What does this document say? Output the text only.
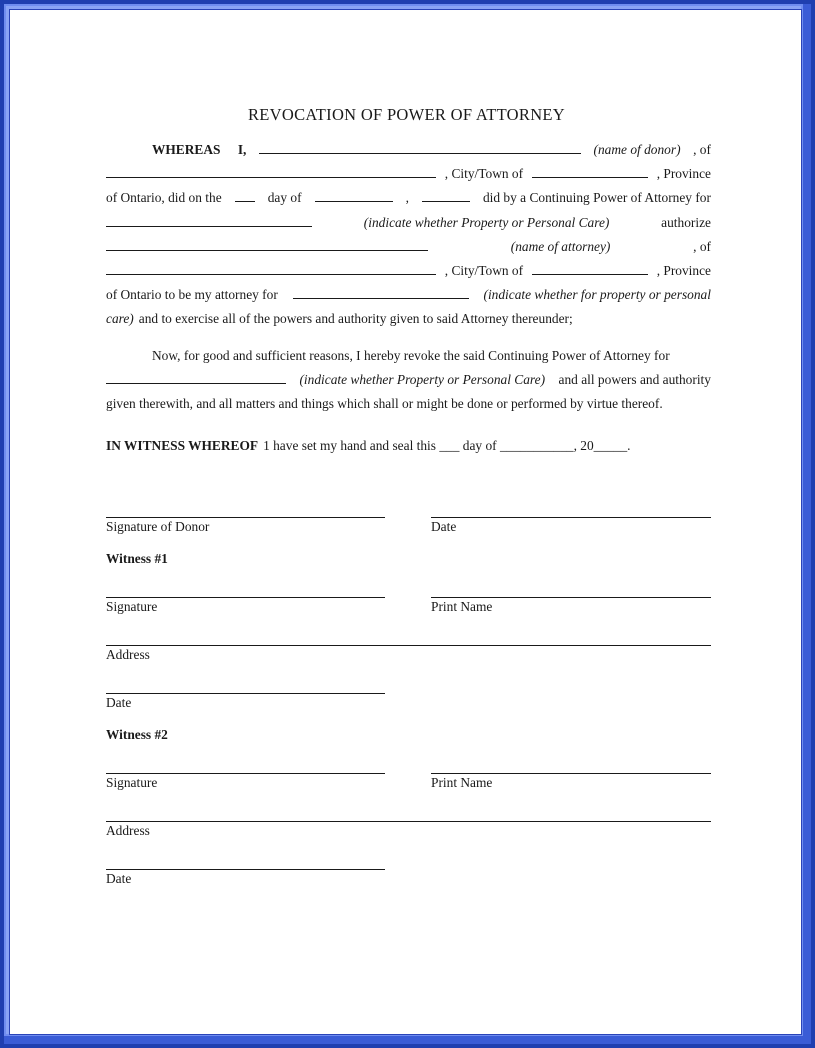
REVOCATION OF POWER OF ATTORNEY
WHEREAS I,	(name of donor) , of
, City/Town of	, Province
of Ontario, did on the	day of	,	did by a Continuing Power of Attorney for
(indicate whether Property or Personal Care)	authorize
(name of attorney)	, of
, City/Town of	, Province
of Ontario to be my attorney for	(indicate whether for property or personal
care) and to exercise all of the powers and authority given to said Attorney thereunder;
Now, for good and sufficient reasons, I hereby revoke the said Continuing Power of Attorney for
(indicate whether Property or Personal Care) and all powers and authority
given therewith, and all matters and things which shall or might be done or performed by virtue thereof.
IN WITNESS WHEREOF 1 have set my hand and seal this ___ day of ___________, 20_____.
Signature of Donor	Date
Witness #1
Signature	Print Name
Address
Date
Witness #2
Signature	Print Name
Address
Date
